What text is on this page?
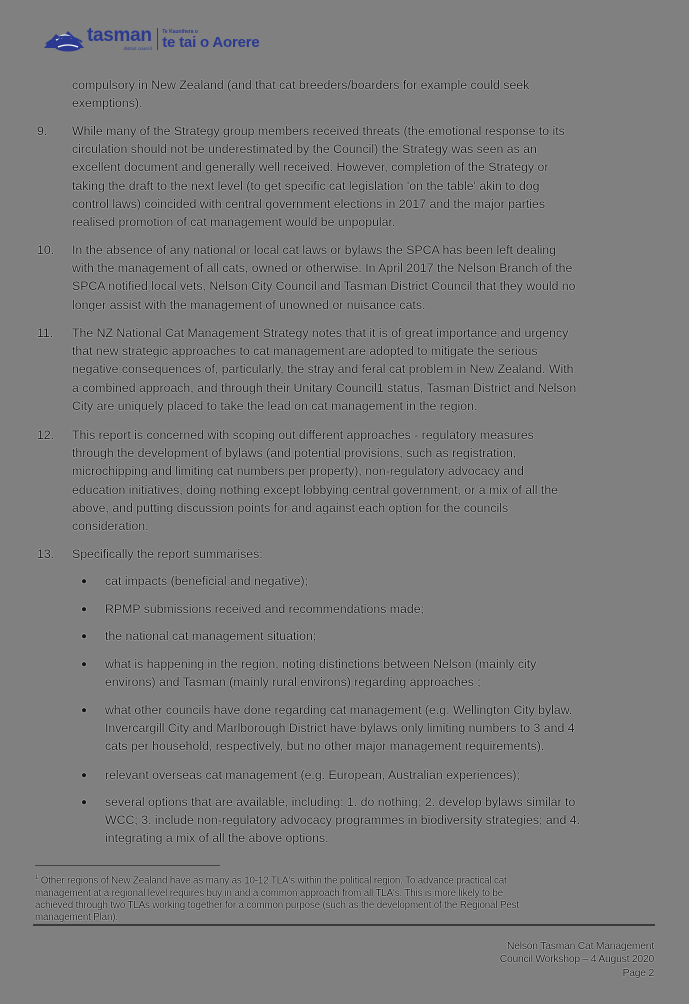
tasman
district council
Te Kaunihera o
te tai o Aorere
compulsory in New Zealand (and that cat breeders/boarders for example could seek
exemptions).
9. While many of the Strategy group members received threats (the emotional response to its
circulation should not be underestimated by the Council) the Strategy was seen as an
excellent document and generally well received. However, completion of the Strategy or
taking the draft to the next level (to get specific cat legislation 'on the table' akin to dog
control laws) coincided with central government elections in 2017 and the major parties
realised promotion of cat management would be unpopular.
10. In the absence of any national or local cat laws or bylaws the SPCA has been left dealing
with the management of all cats, owned or otherwise. In April 2017 the Nelson Branch of the
SPCA notified local vets, Nelson City Council and Tasman District Council that they would no
longer assist with the management of unowned or nuisance cats.
11. The NZ National Cat Management Strategy notes that it is of great importance and urgency
that new strategic approaches to cat management are adopted to mitigate the serious
negative consequences of, particularly, the stray and feral cat problem in New Zealand. With
a combined approach, and through their Unitary Council1 status, Tasman District and Nelson
City are uniquely placed to take the lead on cat management in the region.
12. This report is concerned with scoping out different approaches - regulatory measures
through the development of bylaws (and potential provisions, such as registration,
microchipping and limiting cat numbers per property), non-regulatory advocacy and
education initiatives, doing nothing except lobbying central government, or a mix of all the
above, and putting discussion points for and against each option for the councils
consideration.
13. Specifically the report summarises:
● cat impacts (beneficial and negative);
● RPMP submissions received and recommendations made;
● the national cat management situation;
● what is happening in the region, noting distinctions between Nelson (mainly city
environs) and Tasman (mainly rural environs) regarding approaches ;
● what other councils have done regarding cat management (e.g. Wellington City bylaw.
Invercargill City and Marlborough District have bylaws only limiting numbers to 3 and 4
cats per household, respectively, but no other major management requirements).
● relevant overseas cat management (e.g. European, Australian experiences);
● several options that are available, including: 1. do nothing; 2. develop bylaws similar to
WCC; 3. include non-regulatory advocacy programmes in biodiversity strategies; and 4.
integrating a mix of all the above options.
$^1$ Other regions of New Zealand have as many as 10-12 TLA's within the political region. To advance practical cat
management at a regional level requires buy in and a common approach from all TLA's. This is more likely to be
achieved through two TLAs working together for a common purpose (such as the development of the Regional Pest
management Plan).
Nelson Tasman Cat Management
Council Workshop – 4 August 2020
Page 2
